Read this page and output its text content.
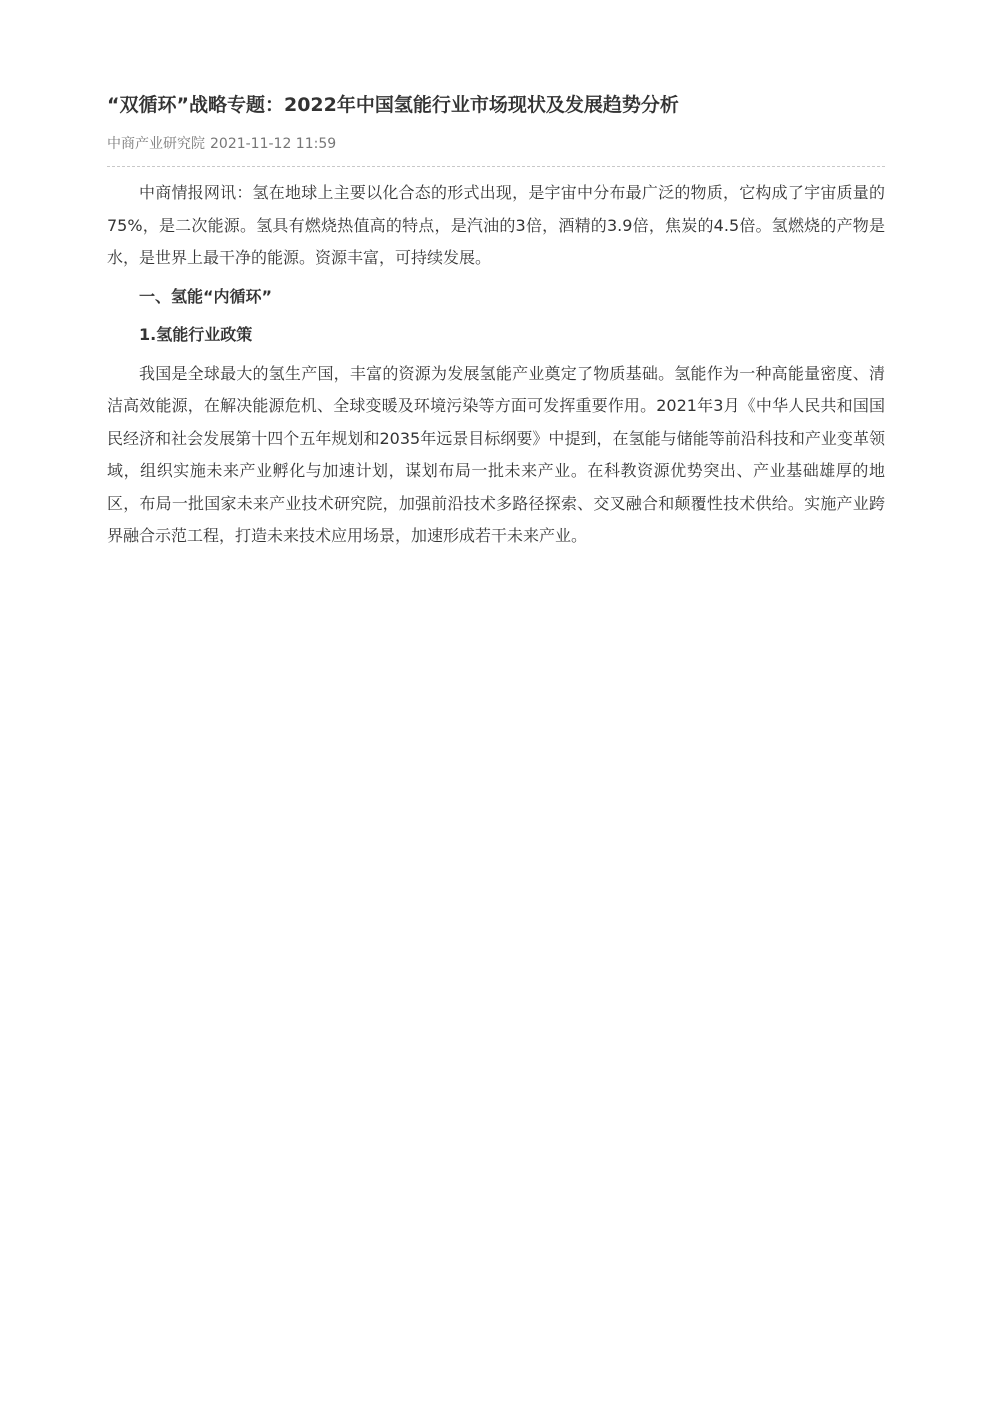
“双循环”战略专题：2022年中国氢能行业市场现状及发展趋势分析
中商产业研究院 2021-11-12 11:59

中商情报网讯：氢在地球上主要以化合态的形式出现，是宇宙中分布最广泛的物质，它构成了宇宙质量的75%，是二次能源。氢具有燃烧热值高的特点，是汽油的3倍，酒精的3.9倍，焦炭的4.5倍。氢燃烧的产物是水，是世界上最干净的能源。资源丰富，可持续发展。

一、氢能“内循环”

1.氢能行业政策

我国是全球最大的氢生产国，丰富的资源为发展氢能产业奠定了物质基础。氢能作为一种高能量密度、清洁高效能源，在解决能源危机、全球变暖及环境污染等方面可发挥重要作用。2021年3月《中华人民共和国国民经济和社会发展第十四个五年规划和2035年远景目标纲要》中提到，在氢能与储能等前沿科技和产业变革领域，组织实施未来产业孵化与加速计划，谋划布局一批未来产业。在科教资源优势突出、产业基础雄厚的地区，布局一批国家未来产业技术研究院，加强前沿技术多路径探索、交叉融合和颠覆性技术供给。实施产业跨界融合示范工程，打造未来技术应用场景，加速形成若干未来产业。
